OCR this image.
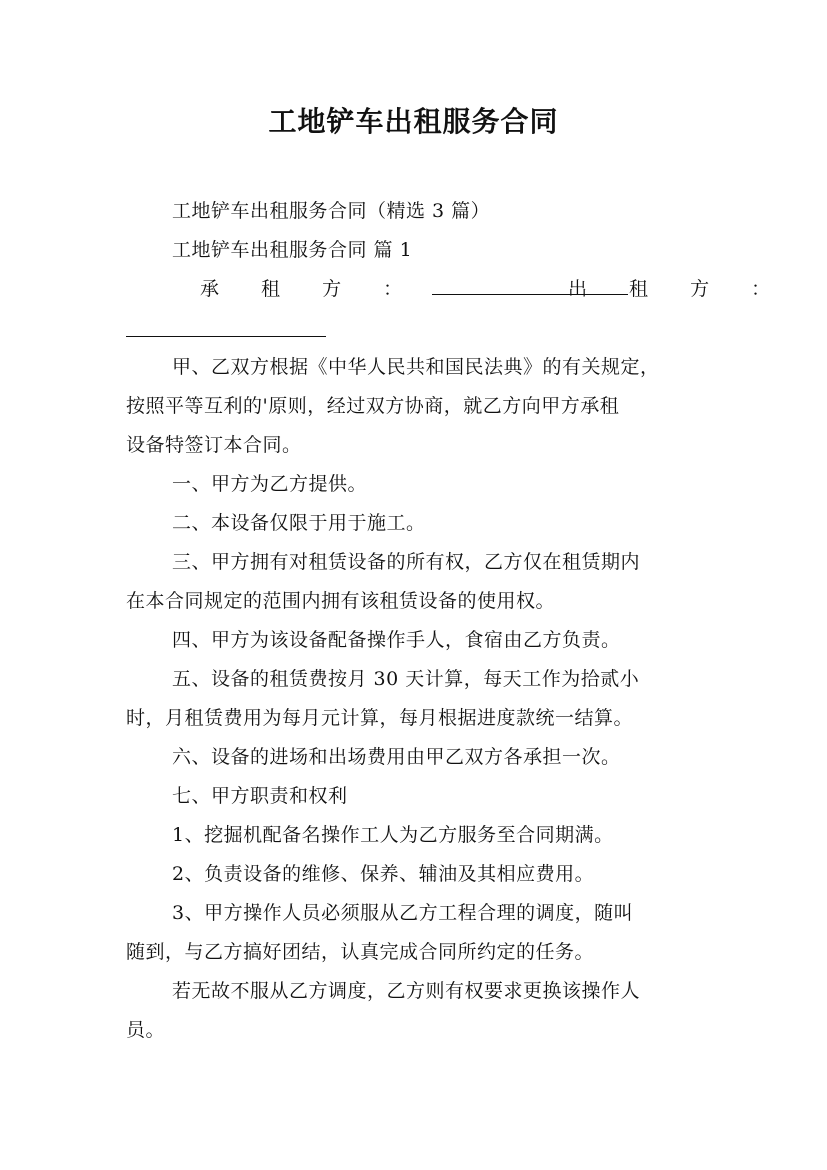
工地铲车出租服务合同
工地铲车出租服务合同（精选 3 篇）
工地铲车出租服务合同 篇 1
承 租 方 ：	出 租 方 ：
甲、乙双方根据《中华人民共和国民法典》的有关规定，
按照平等互利的'原则，经过双方协商，就乙方向甲方承租
设备特签订本合同。
一、甲方为乙方提供。
二、本设备仅限于用于施工。
三、甲方拥有对租赁设备的所有权，乙方仅在租赁期内
在本合同规定的范围内拥有该租赁设备的使用权。
四、甲方为该设备配备操作手人，食宿由乙方负责。
五、设备的租赁费按月 30 天计算，每天工作为拾贰小
时，月租赁费用为每月元计算，每月根据进度款统一结算。
六、设备的进场和出场费用由甲乙双方各承担一次。
七、甲方职责和权利
1、挖掘机配备名操作工人为乙方服务至合同期满。
2、负责设备的维修、保养、辅油及其相应费用。
3、甲方操作人员必须服从乙方工程合理的调度，随叫
随到，与乙方搞好团结，认真完成合同所约定的任务。
若无故不服从乙方调度，乙方则有权要求更换该操作人
员。
